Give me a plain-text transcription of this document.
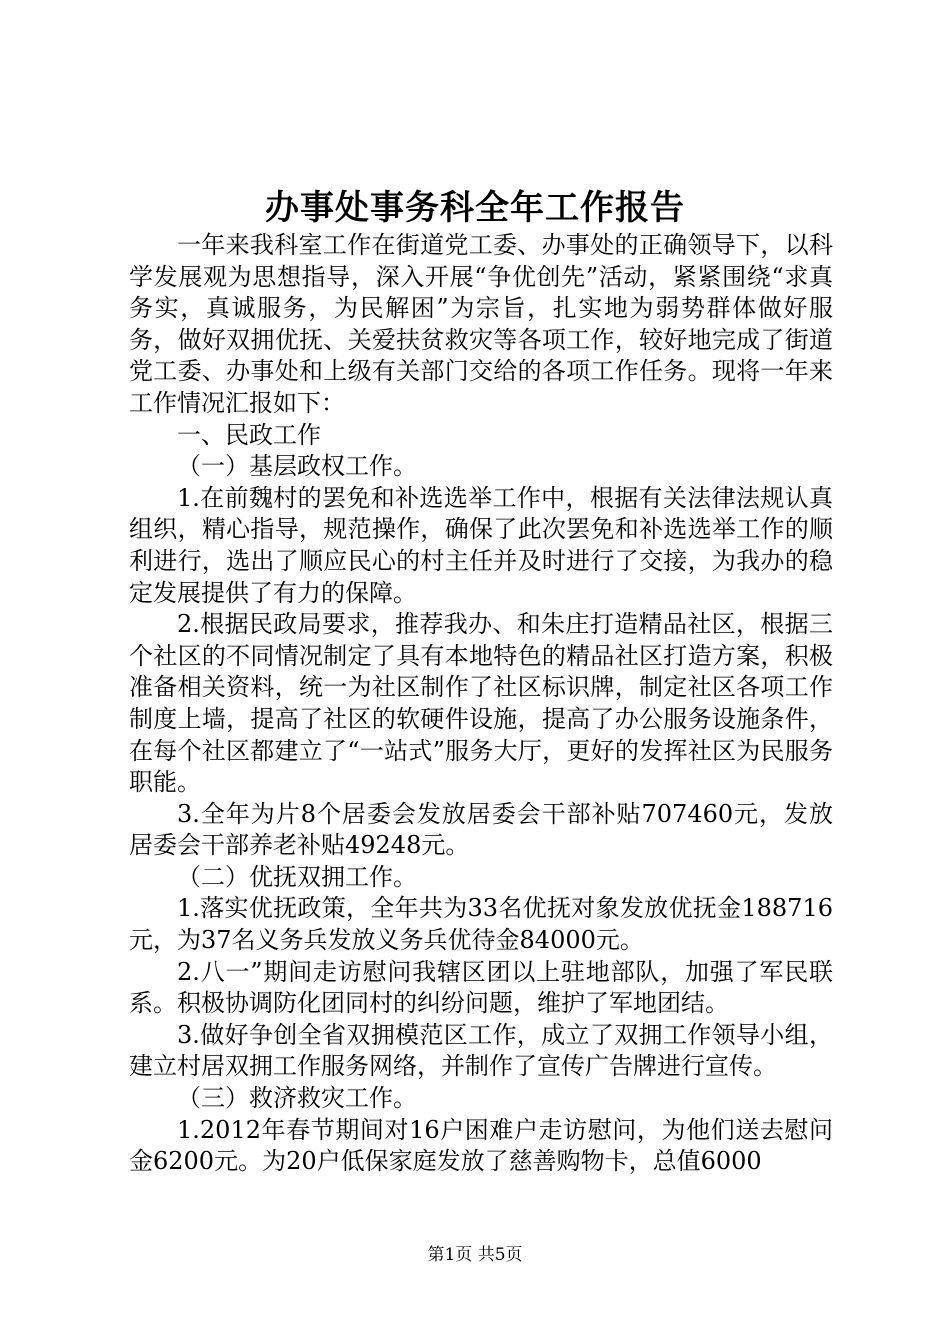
办事处事务科全年工作报告

一年来我科室工作在街道党工委、办事处的正确领导下，以科学发展观为思想指导，深入开展“争优创先”活动，紧紧围绕“求真务实，真诚服务，为民解困”为宗旨，扎实地为弱势群体做好服务，做好双拥优抚、关爱扶贫救灾等各项工作，较好地完成了街道党工委、办事处和上级有关部门交给的各项工作任务。现将一年来工作情况汇报如下：

一、民政工作

（一）基层政权工作。

1.在前魏村的罢免和补选选举工作中，根据有关法律法规认真组织，精心指导，规范操作，确保了此次罢免和补选选举工作的顺利进行，选出了顺应民心的村主任并及时进行了交接，为我办的稳定发展提供了有力的保障。

2.根据民政局要求，推荐我办、和朱庄打造精品社区，根据三个社区的不同情况制定了具有本地特色的精品社区打造方案，积极准备相关资料，统一为社区制作了社区标识牌，制定社区各项工作制度上墙，提高了社区的软硬件设施，提高了办公服务设施条件，在每个社区都建立了“一站式”服务大厅，更好的发挥社区为民服务职能。

3.全年为片8个居委会发放居委会干部补贴707460元，发放居委会干部养老补贴49248元。

（二）优抚双拥工作。

1.落实优抚政策，全年共为33名优抚对象发放优抚金188716元，为37名义务兵发放义务兵优待金84000元。

2.八一”期间走访慰问我辖区团以上驻地部队，加强了军民联系。积极协调防化团同村的纠纷问题，维护了军地团结。

3.做好争创全省双拥模范区工作，成立了双拥工作领导小组，建立村居双拥工作服务网络，并制作了宣传广告牌进行宣传。

（三）救济救灾工作。

1.2012年春节期间对16户困难户走访慰问，为他们送去慰问金6200元。为20户低保家庭发放了慈善购物卡，总值6000

第1页 共5页
